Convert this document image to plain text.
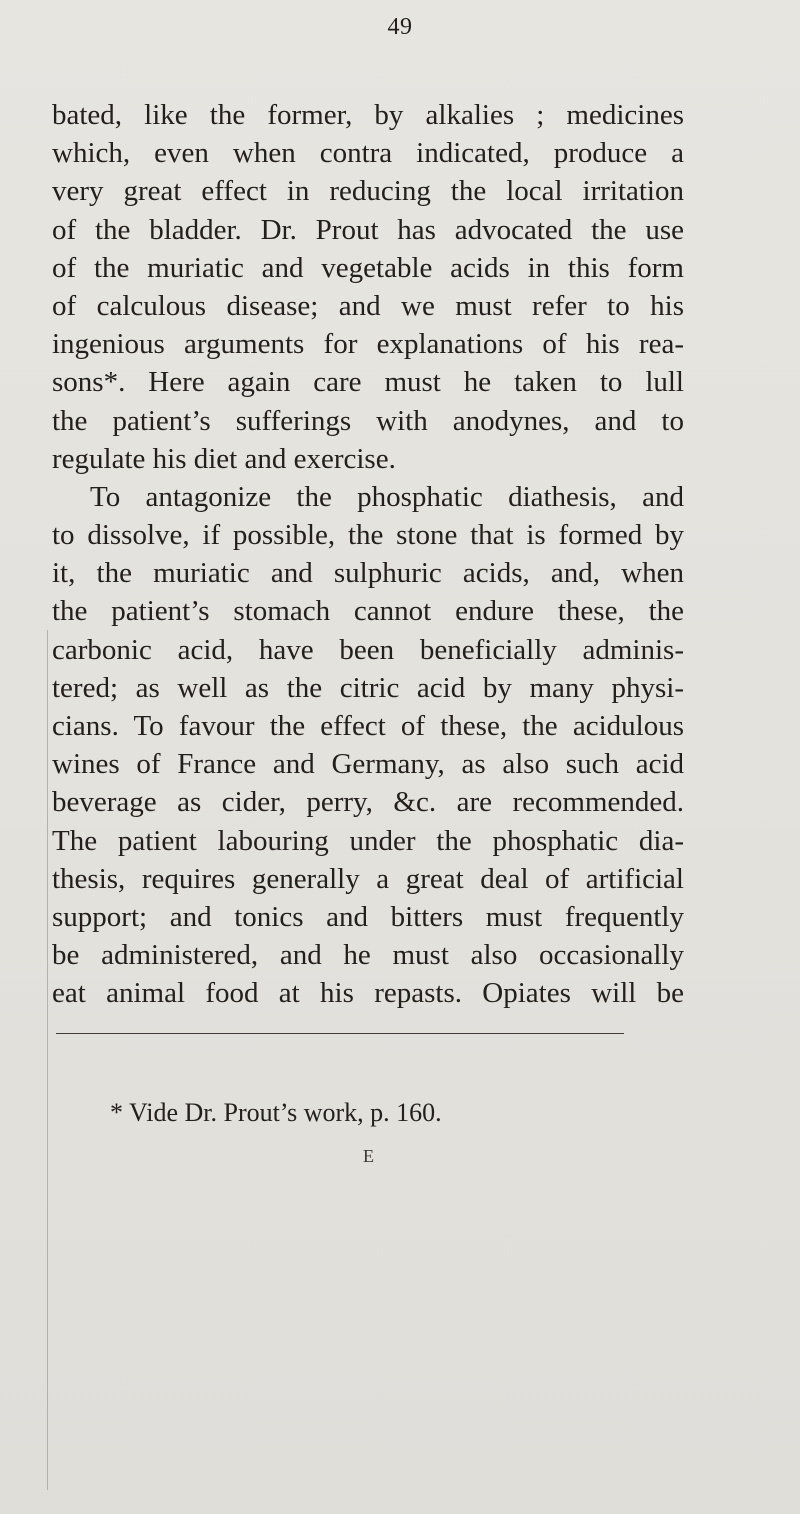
49
bated, like the former, by alkalies ; medicines
which, even when contra indicated, produce a
very great effect in reducing the local irritation
of the bladder. Dr. Prout has advocated the use
of the muriatic and vegetable acids in this form
of calculous disease; and we must refer to his
ingenious arguments for explanations of his rea-
sons*. Here again care must he taken to lull
the patient’s sufferings with anodynes, and to
regulate his diet and exercise.
To antagonize the phosphatic diathesis, and
to dissolve, if possible, the stone that is formed by
it, the muriatic and sulphuric acids, and, when
the patient’s stomach cannot endure these, the
carbonic acid, have been beneficially adminis-
tered; as well as the citric acid by many physi-
cians. To favour the effect of these, the acidulous
wines of France and Germany, as also such acid
beverage as cider, perry, &c. are recommended.
The patient labouring under the phosphatic dia-
thesis, requires generally a great deal of artificial
support; and tonics and bitters must frequently
be administered, and he must also occasionally
eat animal food at his repasts. Opiates will be
* Vide Dr. Prout’s work, p. 160.
E
